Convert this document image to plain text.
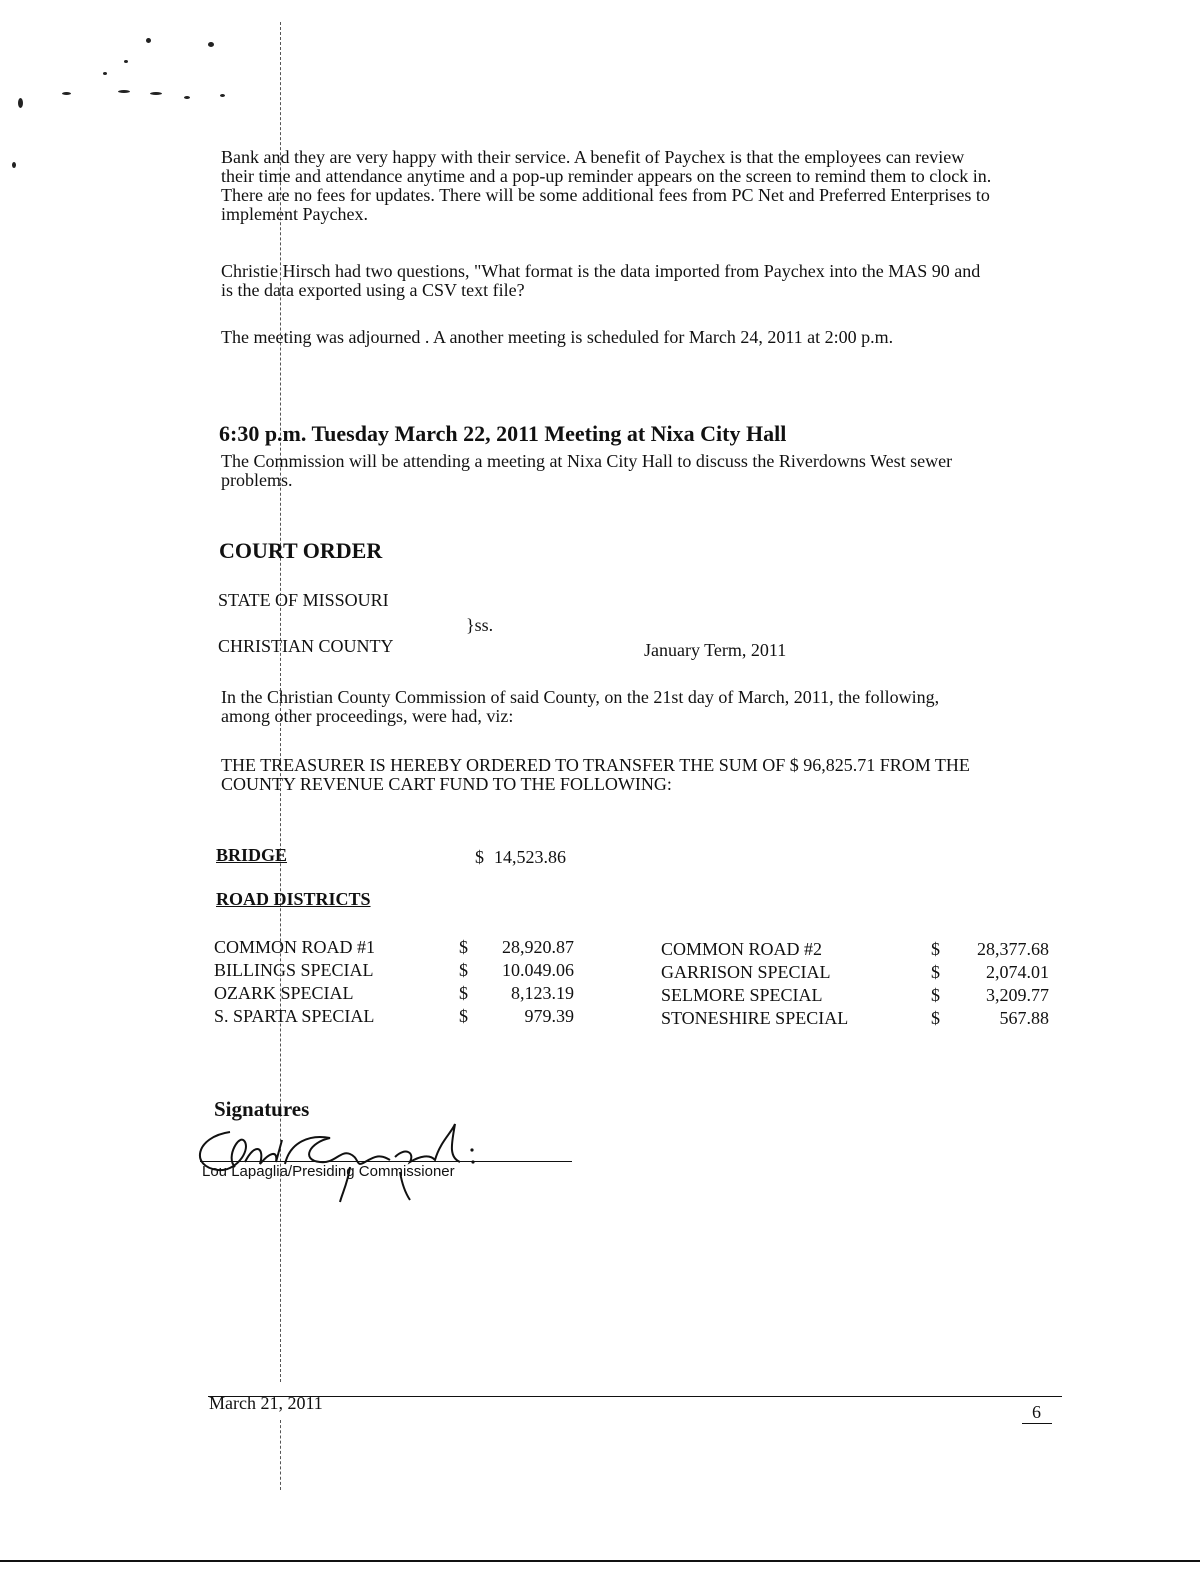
Bank and they are very happy with their service. A benefit of Paychex is that the employees can review
their time and attendance anytime and a pop-up reminder appears on the screen to remind them to clock in.
There are no fees for updates. There will be some additional fees from PC Net and Preferred Enterprises to
implement Paychex.

Christie Hirsch had two questions, "What format is the data imported from Paychex into the MAS 90 and
is the data exported using a CSV text file?

The meeting was adjourned . A another meeting is scheduled for March 24, 2011 at 2:00 p.m.

6:30 p.m. Tuesday March 22, 2011 Meeting at Nixa City Hall

The Commission will be attending a meeting at Nixa City Hall to discuss the Riverdowns West sewer
problems.

COURT ORDER
STATE OF MISSOURI
}ss.
CHRISTIAN COUNTY	January Term, 2011

In the Christian County Commission of said County, on the 21st day of March, 2011, the following,
among other proceedings, were had, viz:

THE TREASURER IS HEREBY ORDERED TO TRANSFER THE SUM OF $ 96,825.71 FROM THE
COUNTY REVENUE CART FUND TO THE FOLLOWING:

BRIDGE	$ 14,523.86
ROAD DISTRICTS
COMMON ROAD #1	$ 28,920.87
BILLINGS SPECIAL	$ 10.049.06
OZARK SPECIAL	$ 8,123.19
S. SPARTA SPECIAL	$	979.39
COMMON ROAD #2	$ 28,377.68
GARRISON SPECIAL	$	2,074.01
SELMORE SPECIAL	$	3,209.77
STONESHIRE SPECIAL	$	567.88
Signatures
Lou Lapaglia/Presiding Commissioner
March 21, 2011	6
